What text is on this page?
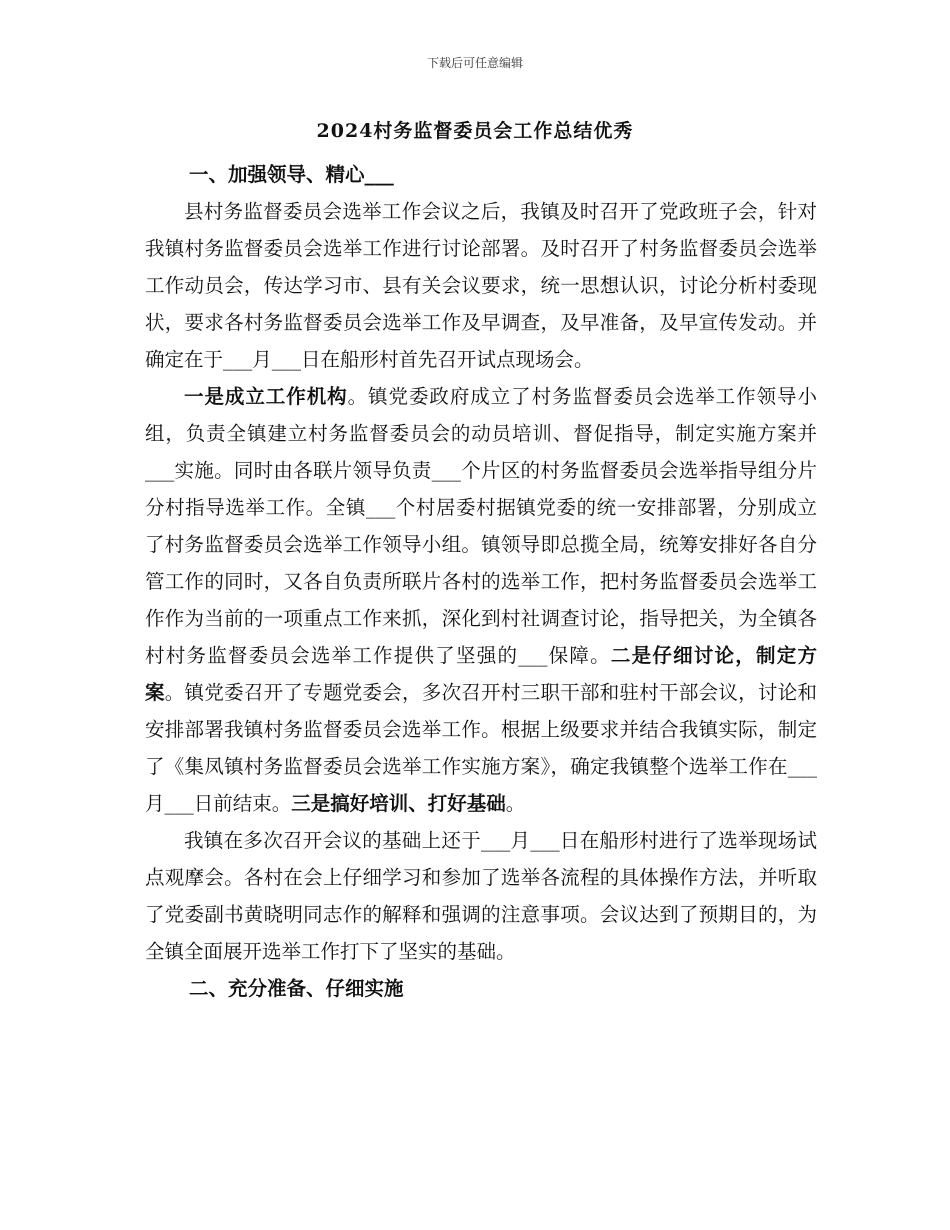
下载后可任意编辑
2024村务监督委员会工作总结优秀

一、加强领导、精心___

县村务监督委员会选举工作会议之后，我镇及时召开了党政班子会，针对我镇村务监督委员会选举工作进行讨论部署。及时召开了村务监督委员会选举工作动员会，传达学习市、县有关会议要求，统一思想认识，讨论分析村委现状，要求各村务监督委员会选举工作及早调查，及早准备，及早宣传发动。并确定在于___月___日在船形村首先召开试点现场会。

一是成立工作机构。镇党委政府成立了村务监督委员会选举工作领导小组，负责全镇建立村务监督委员会的动员培训、督促指导，制定实施方案并___实施。同时由各联片领导负责___个片区的村务监督委员会选举指导组分片分村指导选举工作。全镇___个村居委村据镇党委的统一安排部署，分别成立了村务监督委员会选举工作领导小组。镇领导即总揽全局，统筹安排好各自分管工作的同时，又各自负责所联片各村的选举工作，把村务监督委员会选举工作作为当前的一项重点工作来抓，深化到村社调查讨论，指导把关，为全镇各村村务监督委员会选举工作提供了坚强的___保障。二是仔细讨论，制定方案。镇党委召开了专题党委会，多次召开村三职干部和驻村干部会议，讨论和安排部署我镇村务监督委员会选举工作。根据上级要求并结合我镇实际，制定了《集凤镇村务监督委员会选举工作实施方案》，确定我镇整个选举工作在___月___日前结束。三是搞好培训、打好基础。

我镇在多次召开会议的基础上还于___月___日在船形村进行了选举现场试点观摩会。各村在会上仔细学习和参加了选举各流程的具体操作方法，并听取了党委副书黄晓明同志作的解释和强调的注意事项。会议达到了预期目的，为全镇全面展开选举工作打下了坚实的基础。

二、充分准备、仔细实施
